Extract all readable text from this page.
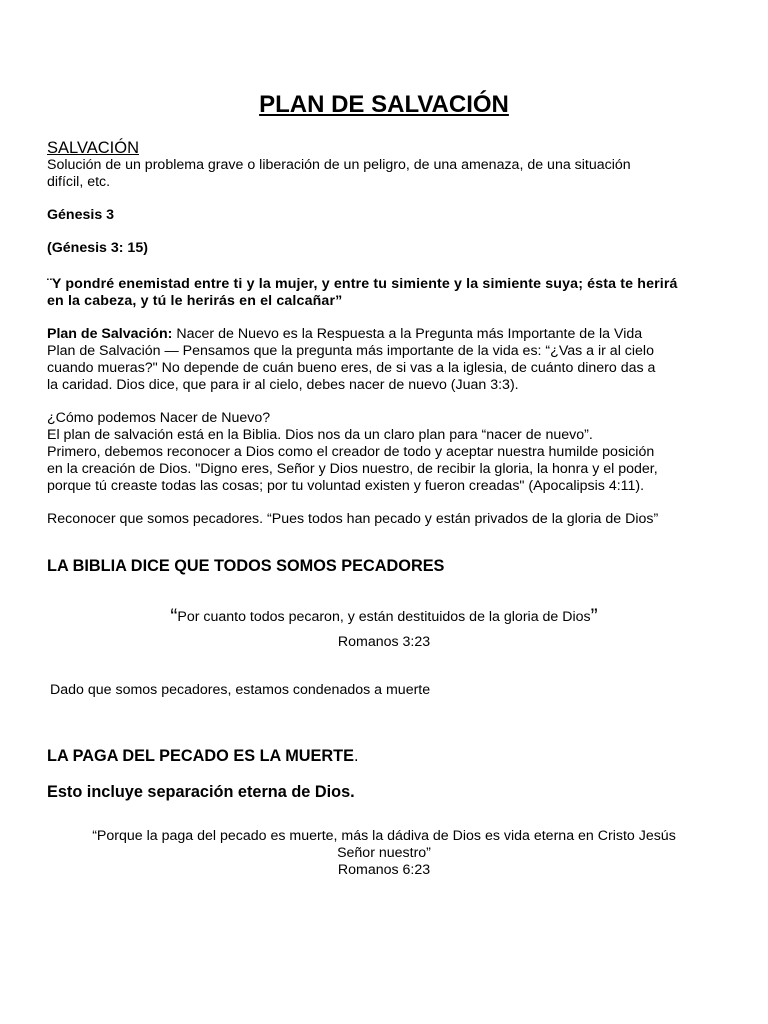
PLAN DE SALVACIÓN
SALVACIÓN
Solución de un problema grave o liberación de un peligro, de una amenaza, de una situación
difícil, etc.
Génesis 3
(Génesis 3: 15)
¨Y pondré enemistad entre ti y la mujer, y entre tu simiente y la simiente suya; ésta te herirá
en la cabeza, y tú le herirás en el calcañar”
Plan de Salvación: Nacer de Nuevo es la Respuesta a la Pregunta más Importante de la Vida
Plan de Salvación — Pensamos que la pregunta más importante de la vida es: “¿Vas a ir al cielo
cuando mueras?" No depende de cuán bueno eres, de si vas a la iglesia, de cuánto dinero das a
la caridad. Dios dice, que para ir al cielo, debes nacer de nuevo (Juan 3:3).
¿Cómo podemos Nacer de Nuevo?
El plan de salvación está en la Biblia. Dios nos da un claro plan para “nacer de nuevo”.
Primero, debemos reconocer a Dios como el creador de todo y aceptar nuestra humilde posición
en la creación de Dios. "Digno eres, Señor y Dios nuestro, de recibir la gloria, la honra y el poder,
porque tú creaste todas las cosas; por tu voluntad existen y fueron creadas" (Apocalipsis 4:11).
Reconocer que somos pecadores. “Pues todos han pecado y están privados de la gloria de Dios”
LA BIBLIA DICE QUE TODOS SOMOS PECADORES
“Por cuanto todos pecaron, y están destituidos de la gloria de Dios”
Romanos 3:23
Dado que somos pecadores, estamos condenados a muerte
LA PAGA DEL PECADO ES LA MUERTE.
Esto incluye separación eterna de Dios.
“Porque la paga del pecado es muerte, más la dádiva de Dios es vida eterna en Cristo Jesús
Señor nuestro”
Romanos 6:23
